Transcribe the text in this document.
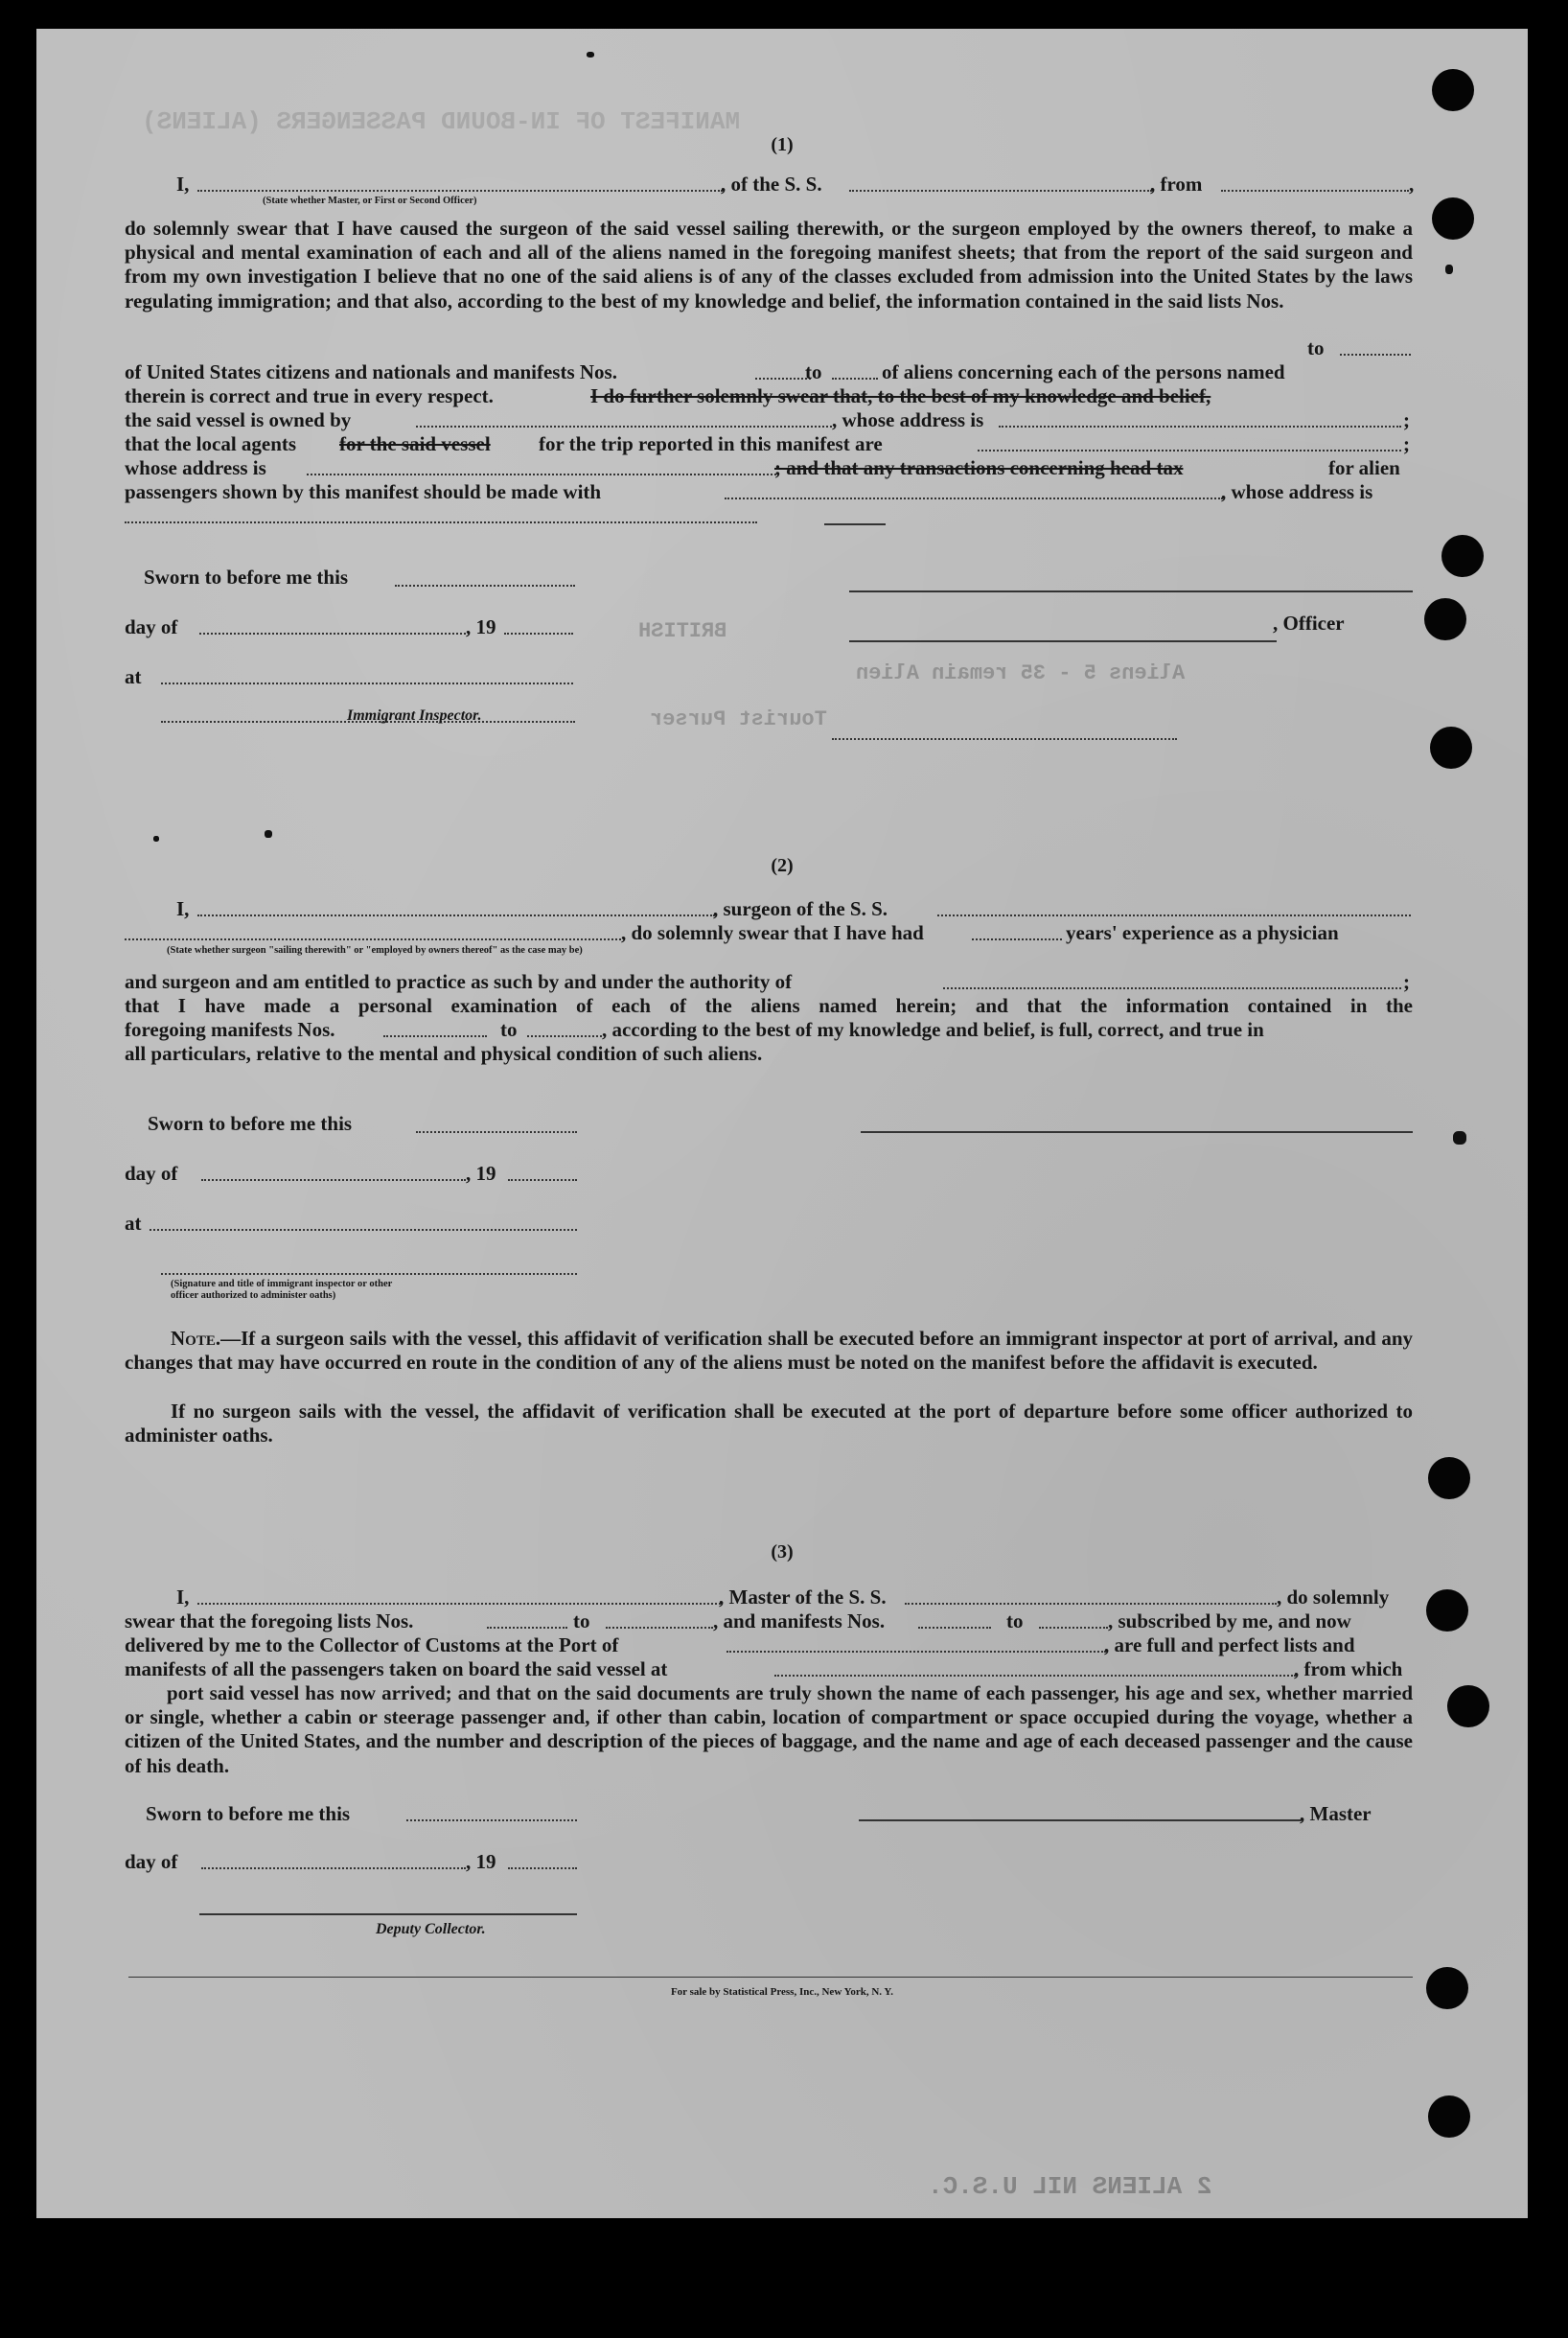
MANIFEST OF IN-BOUND PASSENGERS (ALIENS)
BRITISH
Aliens 5 - 35 remain Alien
Tourist Purser
2 ALIENS NIL U.S.C.
(1)
I,	, of the S. S.	, from	,
(State whether Master, or First or Second Officer)
do solemnly swear that I have caused the surgeon of the said vessel sailing therewith, or the surgeon employed by the owners thereof, to make a physical and mental examination of each and all of the aliens named in the foregoing manifest sheets; that from the report of the said surgeon and from my own investigation I believe that no one of the said aliens is of any of the classes excluded from admission into the United States by the laws regulating immigration; and that also, according to the best of my knowledge and belief, the information contained in the said lists Nos.
to
of United States citizens and nationals and manifests Nos.	to	of aliens concerning each of the persons named
therein is correct and true in every respect.	I do further solemnly swear that, to the best of my knowledge and belief,
the said vessel is owned by	, whose address is	;
that the local agents for the said vessel for the trip reported in this manifest are	;
whose address is	; and that any transactions concerning head tax	for alien
passengers shown by this manifest should be made with	, whose address is
Sworn to before me this
day of	, 19	, Officer
at
Immigrant Inspector.
(2)
I,	, surgeon of the S. S.
, do solemnly swear that I have had	years' experience as a physician
(State whether surgeon "sailing therewith" or "employed by owners thereof" as the case may be)
and surgeon and am entitled to practice as such by and under the authority of	;
that I have made a personal examination of each of the aliens named herein; and that the information contained in the
foregoing manifests Nos.	to	, according to the best of my knowledge and belief, is full, correct, and true in
all particulars, relative to the mental and physical condition of such aliens.
Sworn to before me this
day of	, 19
at
(Signature and title of immigrant inspector or other officer authorized to administer oaths)
Note.—If a surgeon sails with the vessel, this affidavit of verification shall be executed before an immigrant inspector at port of arrival, and any changes that may have occurred en route in the condition of any of the aliens must be noted on the manifest before the affidavit is executed.
If no surgeon sails with the vessel, the affidavit of verification shall be executed at the port of departure before some officer authorized to administer oaths.
(3)
I,	, Master of the S. S.	, do solemnly
swear that the foregoing lists Nos.	to	, and manifests Nos.	to	, subscribed by me, and now
delivered by me to the Collector of Customs at the Port of	, are full and perfect lists and
manifests of all the passengers taken on board the said vessel at	, from which
port said vessel has now arrived; and that on the said documents are truly shown the name of each passenger, his age and sex, whether married or single, whether a cabin or steerage passenger and, if other than cabin, location of compartment or space occupied during the voyage, whether a citizen of the United States, and the number and description of the pieces of baggage, and the name and age of each deceased passenger and the cause of his death.
Sworn to before me this	, Master
day of	, 19
Deputy Collector.
For sale by Statistical Press, Inc., New York, N. Y.
